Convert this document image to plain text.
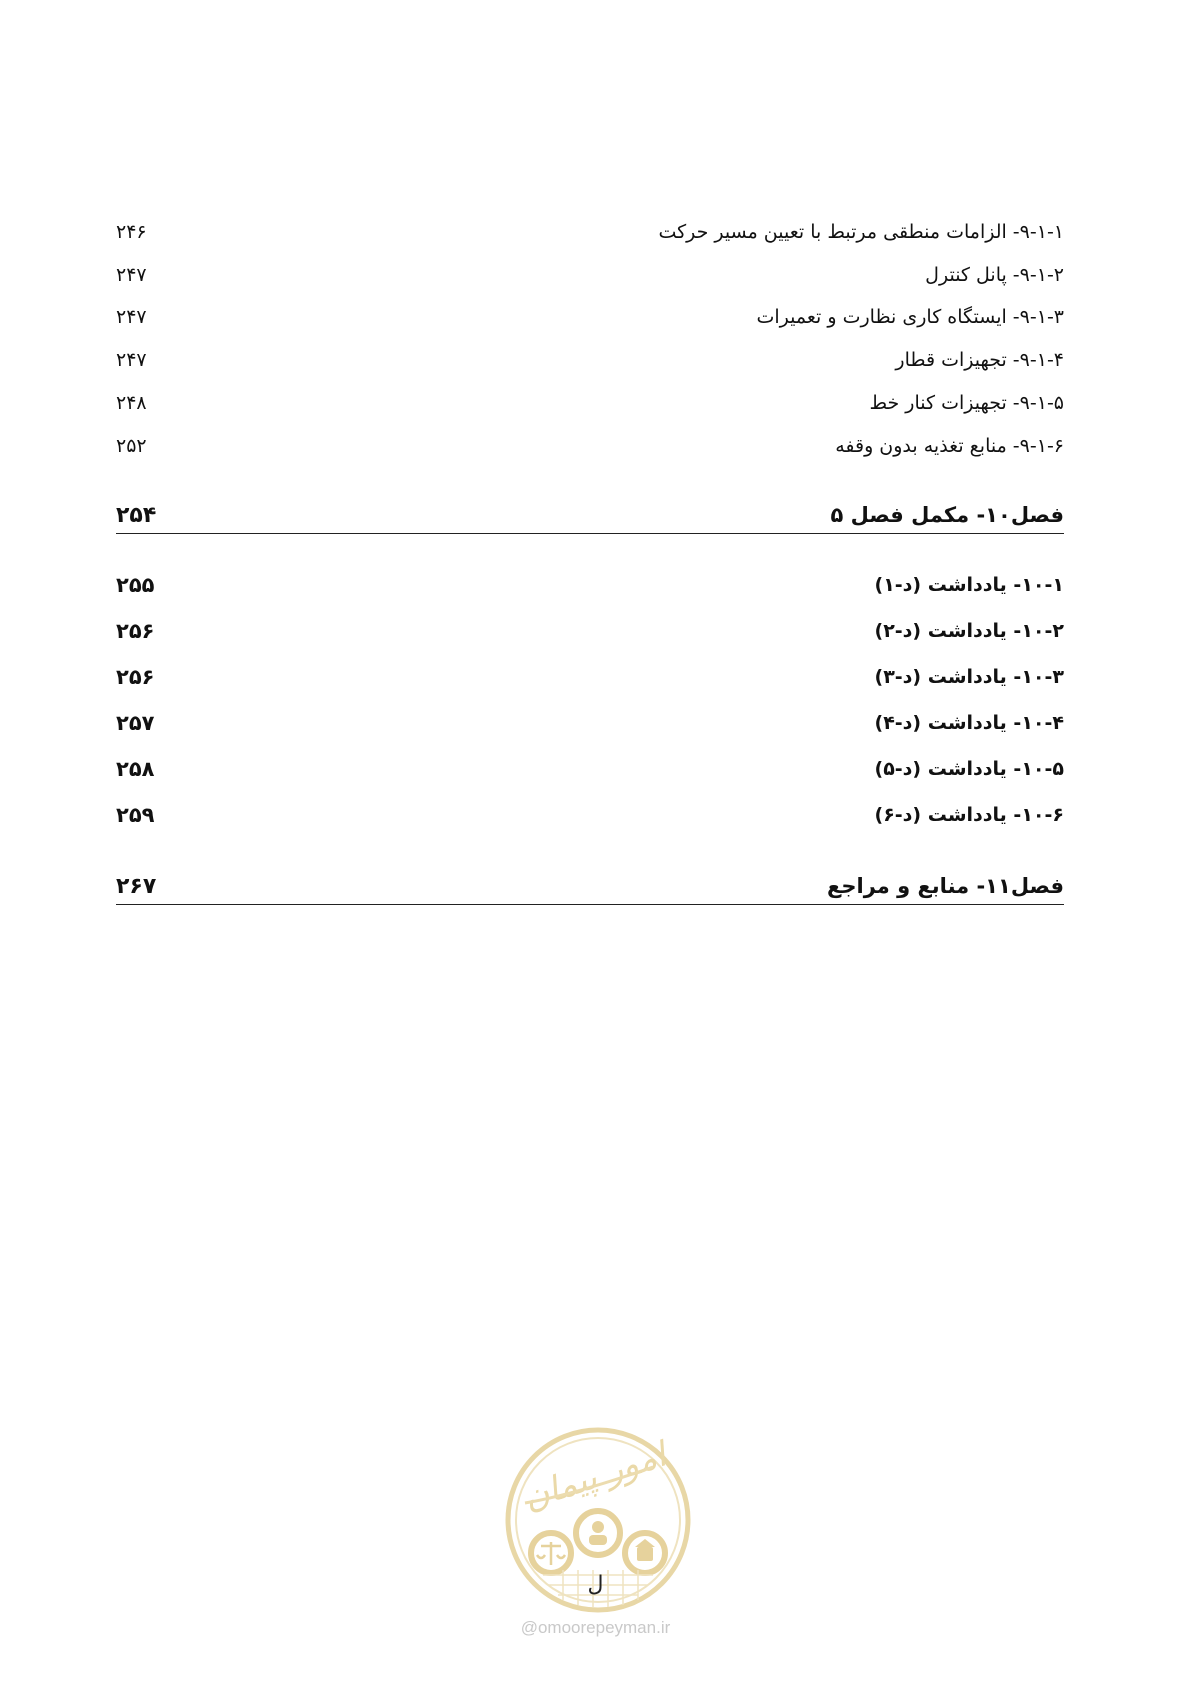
۹-۱-۱- الزامات منطقی مرتبط با تعیین مسیر حرکت
۲۴۶
۹-۱-۲- پانل کنترل
۲۴۷
۹-۱-۳- ایستگاه کاری نظارت و تعمیرات
۲۴۷
۹-۱-۴- تجهیزات قطار
۲۴۷
۹-۱-۵- تجهیزات کنار خط
۲۴۸
۹-۱-۶- منابع تغذیه بدون وقفه
۲۵۲
فصل۱۰- مکمل فصل ۵
۲۵۴
۱۰-۱- یادداشت (د-۱)
۲۵۵
۱۰-۲- یادداشت (د-۲)
۲۵۶
۱۰-۳- یادداشت (د-۳)
۲۵۶
۱۰-۴- یادداشت (د-۴)
۲۵۷
۱۰-۵- یادداشت (د-۵)
۲۵۸
۱۰-۶- یادداشت (د-۶)
۲۵۹
فصل۱۱- منابع و مراجع
۲۶۷
امور پیمان
ل
@omoorepeyman.ir
